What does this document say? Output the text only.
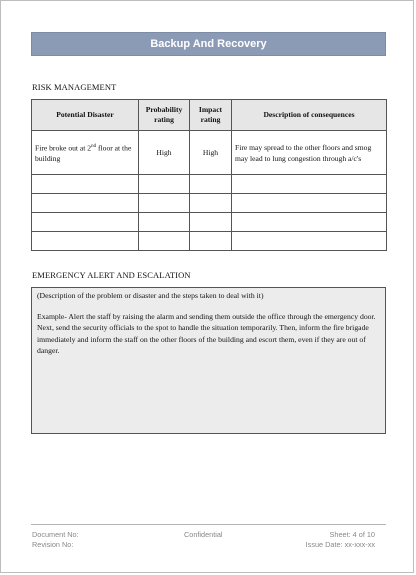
Backup And Recovery
RISK MANAGEMENT
Potential Disaster	Probability rating	Impact rating	Description of consequences
Fire broke out at 2nd floor at the building	High	High	Fire may spread to the other floors and smog may lead to lung congestion through a/c's

EMERGENCY ALERT AND ESCALATION

(Description of the problem or disaster and the steps taken to deal with it)

Example- Alert the staff by raising the alarm and sending them outside the office through the emergency door. Next, send the security officials to the spot to handle the situation temporarily. Then, inform the fire brigade immediately and inform the staff on the other floors of the building and escort them, even if they are out of danger.

Document No:
Revision No:
Confidential	Sheet: 4 of 10
Issue Date: xx-xxx-xx
